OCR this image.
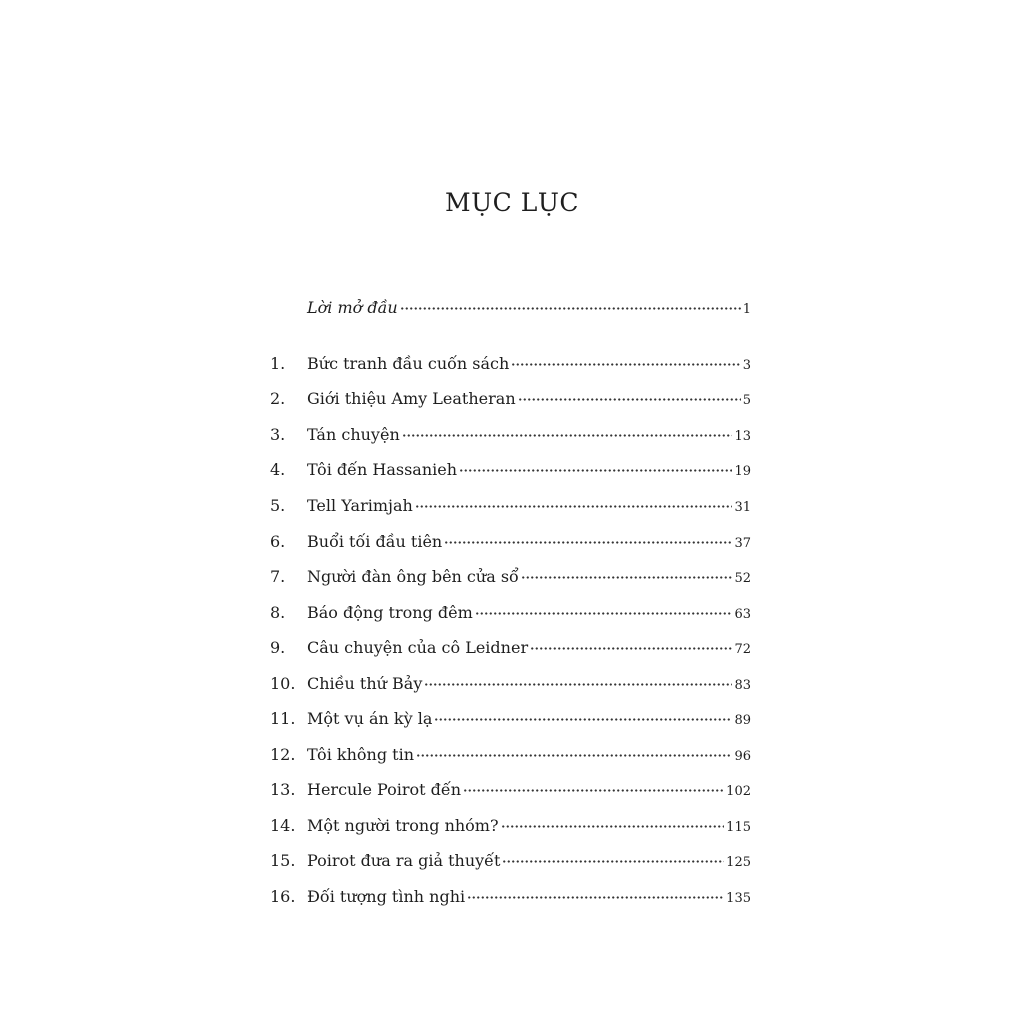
MỤC LỤC
Lời mở đầu	1
1.	Bức tranh đầu cuốn sách	3
2.	Giới thiệu Amy Leatheran	5
3.	Tán chuyện	13
4.	Tôi đến Hassanieh	19
5.	Tell Yarimjah	31
6.	Buổi tối đầu tiên	37
7.	Người đàn ông bên cửa sổ	52
8.	Báo động trong đêm	63
9.	Câu chuyện của cô Leidner	72
10. Chiều thứ Bảy	83
11. Một vụ án kỳ lạ	89
12. Tôi không tin	96
13. Hercule Poirot đến	102
14. Một người trong nhóm?	115
15. Poirot đưa ra giả thuyết	125
16. Đối tượng tình nghi	135
